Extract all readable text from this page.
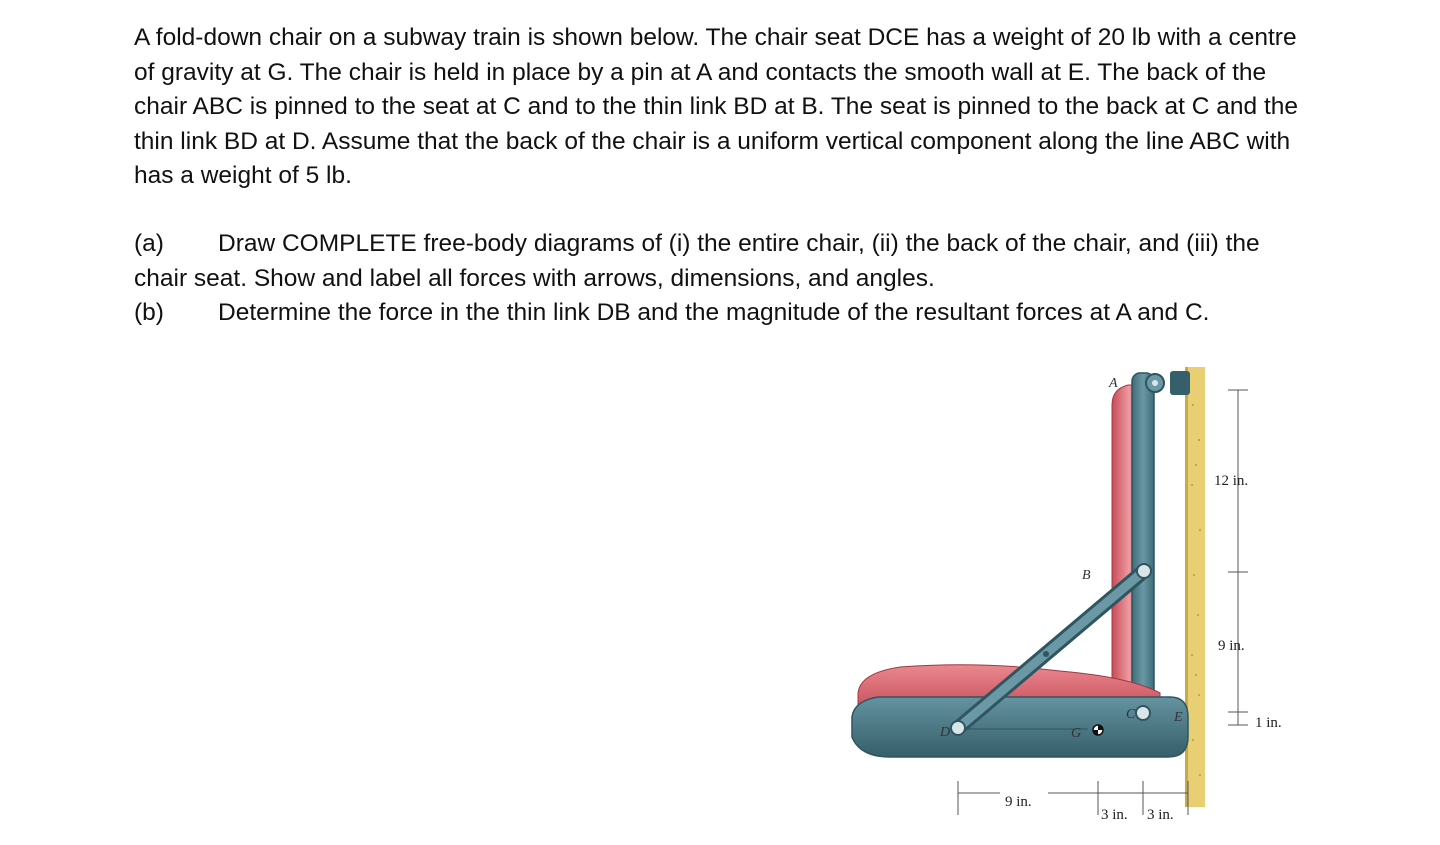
A fold-down chair on a subway train is shown below. The chair seat DCE has a weight of 20 lb with a centre of gravity at G. The chair is held in place by a pin at A and contacts the smooth wall at E. The back of the chair ABC is pinned to the seat at C and to the thin link BD at B. The seat is pinned to the back at C and the thin link BD at D. Assume that the back of the chair is a uniform vertical component along the line ABC with has a weight of 5 lb.

(a) Draw COMPLETE free-body diagrams of (i) the entire chair, (ii) the back of the chair, and (iii) the

chair seat. Show and label all forces with arrows, dimensions, and angles.

(b) Determine the force in the thin link DB and the magnitude of the resultant forces at A and C.

A
B
C
D
E
G
12 in.
9 in.
1 in.
9 in.
3 in. 3 in.
